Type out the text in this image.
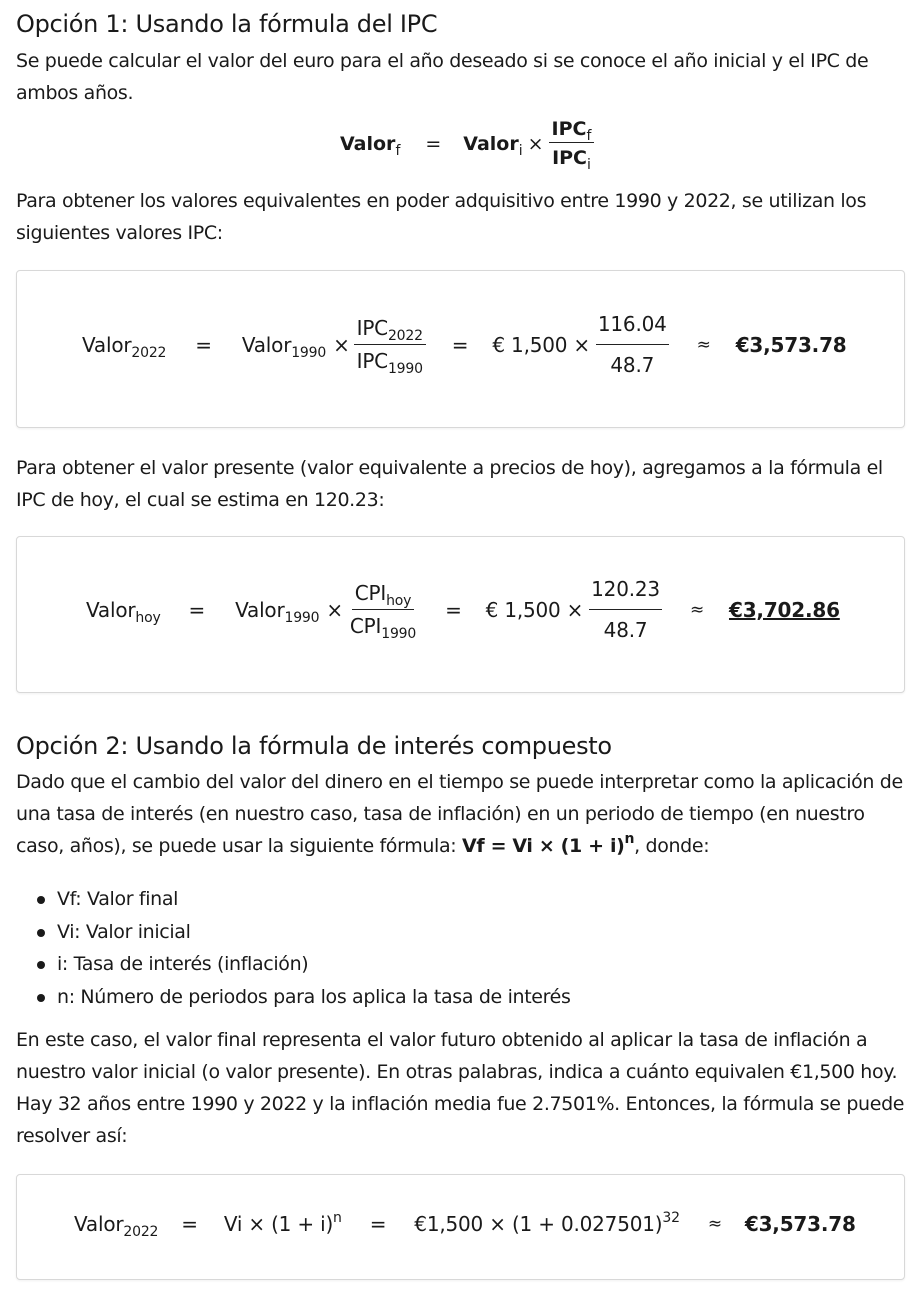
Opción 1: Usando la fórmula del IPC

Se puede calcular el valor del euro para el año deseado si se conoce el año inicial y el IPC de ambos años.

Valor$_f$ = Valor$_i$ × $\frac{IPC_f}{IPC_i}$

Para obtener los valores equivalentes en poder adquisitivo entre 1990 y 2022, se utilizan los siguientes valores IPC:

Valor$_{2022}$ = Valor$_{1990}$ × $\frac{IPC_{2022}}{IPC_{1990}}$ = € $1,500 \times \frac{116.04}{48.7}$ ≈ €3,573.78

Para obtener el valor presente (valor equivalente a precios de hoy), agregamos a la fórmula el IPC de hoy, el cual se estima en 120.23:

Valor$_{hoy}$ = Valor$_{1990}$ × $\frac{CPI_{hoy}}{CPI_{1990}}$ = € $1,500 \times \frac{120.23}{48.7}$ ≈ €3,702.86
Opción 2: Usando la fórmula de interés compuesto

Dado que el cambio del valor del dinero en el tiempo se puede interpretar como la aplicación de una tasa de interés (en nuestro caso, tasa de inflación) en un periodo de tiempo (en nuestro caso, años), se puede usar la siguiente fórmula: $Vf = Vi \times (1 + i)^n$, donde:

Vf: Valor final
Vi: Valor inicial
i: Tasa de interés (inflación)
n: Número de periodos para los aplica la tasa de interés

En este caso, el valor final representa el valor futuro obtenido al aplicar la tasa de inflación a nuestro valor inicial (o valor presente). En otras palabras, indica a cuánto equivalen €1,500 hoy. Hay 32 años entre 1990 y 2022 y la inflación media fue 2.7501%. Entonces, la fórmula se puede resolver así:

Valor$_{2022}$ = $Vi \times (1 + i)^n$ = €1,500 × $(1 + 0.027501)^{32}$ ≈ €3,573.78
